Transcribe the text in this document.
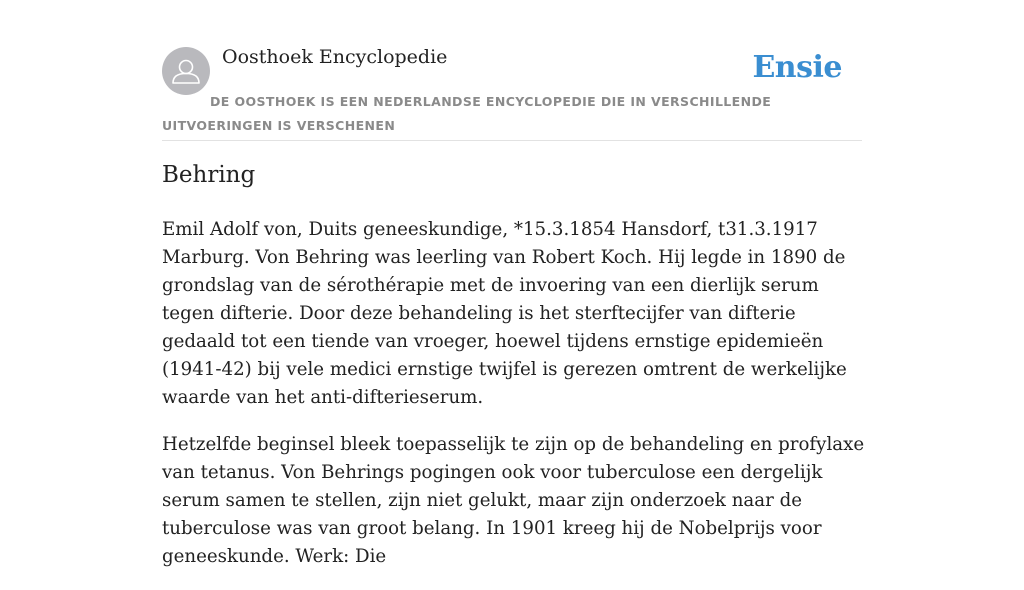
Oosthoek Encyclopedie	Ensie
DE OOSTHOEK IS EEN NEDERLANDSE ENCYCLOPEDIE DIE IN VERSCHILLENDE UITVOERINGEN IS VERSCHENEN
Behring

Emil Adolf von, Duits geneeskundige, *15.3.1854 Hansdorf, t31.3.1917 Marburg. Von Behring was leerling van Robert Koch. Hij legde in 1890 de grondslag van de sérothérapie met de invoering van een dierlijk serum tegen difterie. Door deze behandeling is het sterftecijfer van difterie gedaald tot een tiende van vroeger, hoewel tijdens ernstige epidemieën (1941-42) bij vele medici ernstige twijfel is gerezen omtrent de werkelijke waarde van het anti-difterieserum.

Hetzelfde beginsel bleek toepasselijk te zijn op de behandeling en profylaxe van tetanus. Von Behrings pogingen ook voor tuberculose een dergelijk serum samen te stellen, zijn niet gelukt, maar zijn onderzoek naar de tuberculose was van groot belang. In 1901 kreeg hij de Nobelprijs voor geneeskunde. Werk: Die
